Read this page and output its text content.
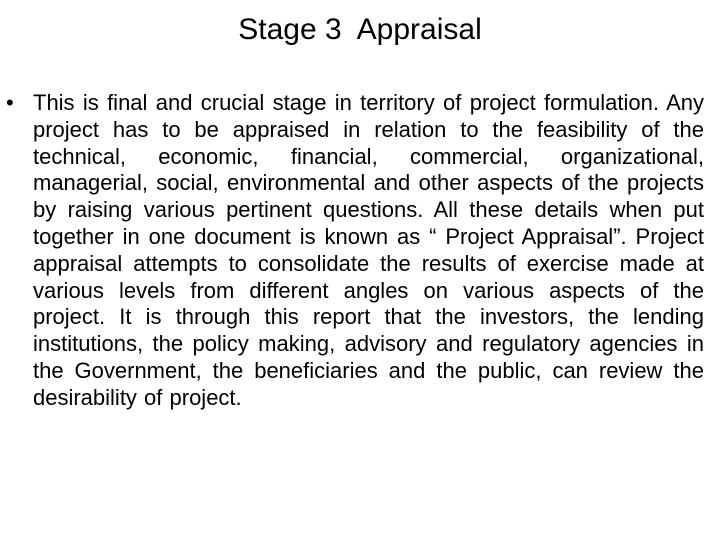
Stage 3  Appraisal
• This is final and crucial stage in territory of project formulation. Any project has to be appraised in relation to the feasibility of the technical, economic, financial, commercial, organizational, managerial, social, environmental and other aspects of the projects by raising various pertinent questions. All these details when put together in one document is known as “ Project Appraisal”. Project appraisal attempts to consolidate the results of exercise made at various levels from different angles on various aspects of the project. It is through this report that the investors, the lending institutions, the policy making, advisory and regulatory agencies in the Government, the beneficiaries and the public, can review the desirability of project.
